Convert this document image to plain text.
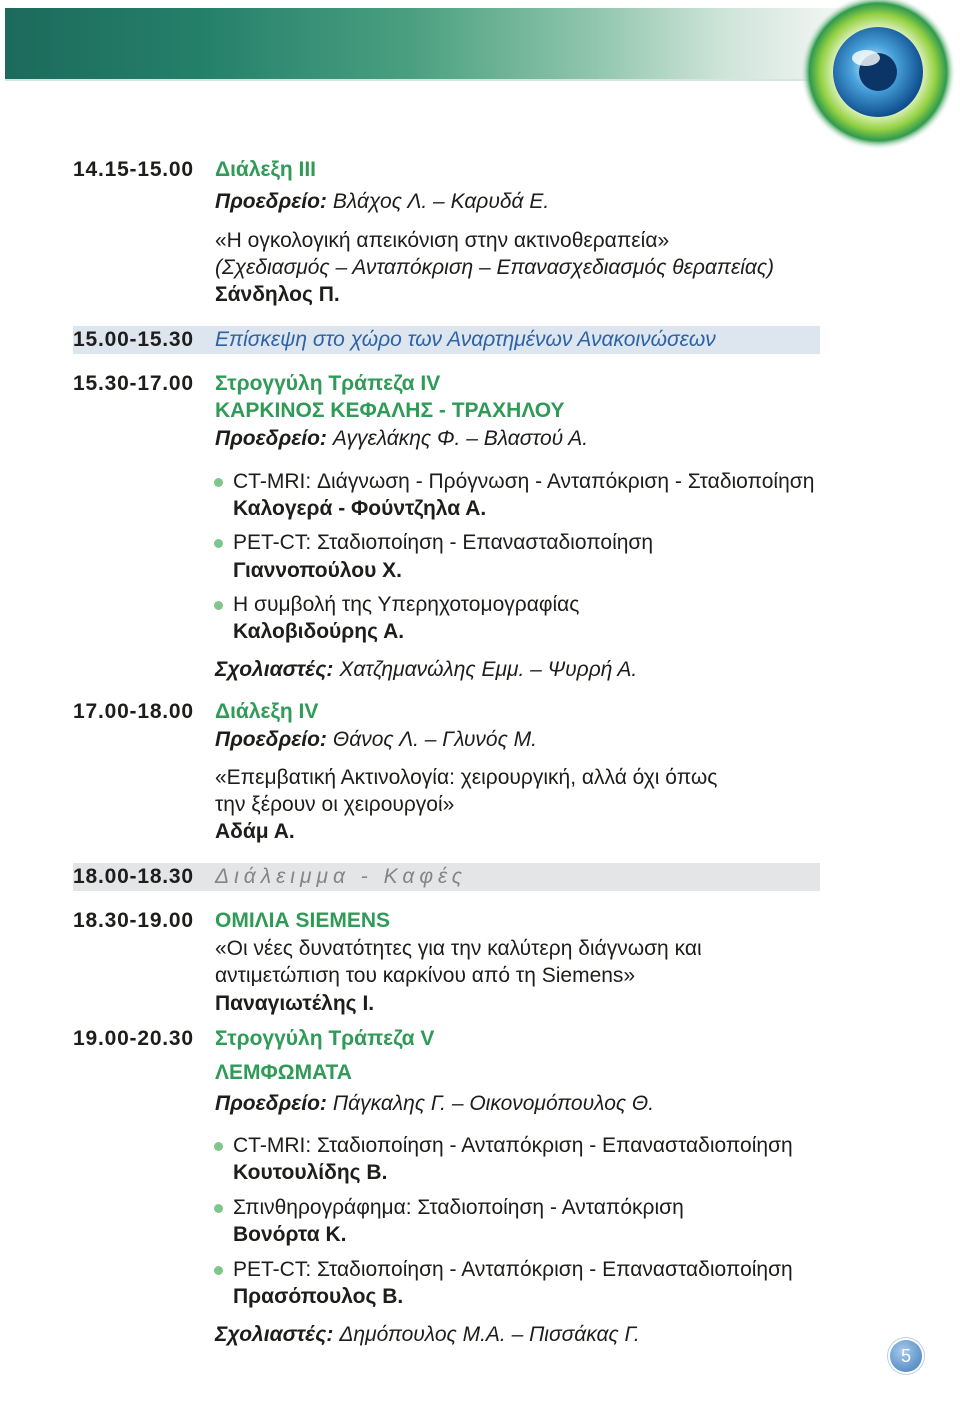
14.15-15.00 Διάλεξη III
Προεδρείο: Βλάχος Λ. – Καρυδά Ε.
«Η ογκολογική απεικόνιση στην ακτινοθεραπεία»
(Σχεδιασμός – Ανταπόκριση – Επανασχεδιασμός θεραπείας)
Σάνδηλος Π.
15.00-15.30 Επίσκεψη στο χώρο των Αναρτημένων Ανακοινώσεων
15.30-17.00 Στρογγύλη Τράπεζα IV
ΚΑΡΚΙΝΟΣ ΚΕΦΑΛΗΣ - ΤΡΑΧΗΛΟΥ
Προεδρείο: Αγγελάκης Φ. – Βλαστού Α.
CT-MRI: Διάγνωση - Πρόγνωση - Ανταπόκριση - Σταδιοποίηση
Καλογερά - Φούντζηλα Α.
PET-CT: Σταδιοποίηση - Επανασταδιοποίηση
Γιαννοπούλου Χ.
Η συμβολή της Υπερηχοτομογραφίας
Καλοβιδούρης Α.
Σχολιαστές: Χατζημανώλης Εμμ. – Ψυρρή Α.
17.00-18.00 Διάλεξη IV
Προεδρείο: Θάνος Λ. – Γλυνός Μ.
«Επεμβατική Ακτινολογία: χειρουργική, αλλά όχι όπως
την ξέρουν οι χειρουργοί»
Αδάμ Α.
18.00-18.30 Διάλειμμα - Καφές
18.30-19.00 ΟΜΙΛΙΑ SIEMENS
«Οι νέες δυνατότητες για την καλύτερη διάγνωση και
αντιμετώπιση του καρκίνου από τη Siemens»
Παναγιωτέλης Ι.
19.00-20.30 Στρογγύλη Τράπεζα V
ΛΕΜΦΩΜΑΤΑ
Προεδρείο: Πάγκαλης Γ. – Οικονομόπουλος Θ.
CT-MRI: Σταδιοποίηση - Ανταπόκριση - Επανασταδιοποίηση
Κουτουλίδης Β.
Σπινθηρογράφημα: Σταδιοποίηση - Ανταπόκριση
Βονόρτα Κ.
PET-CT: Σταδιοποίηση - Ανταπόκριση - Επανασταδιοποίηση
Πρασόπουλος Β.
Σχολιαστές: Δημόπουλος Μ.Α. – Πισσάκας Γ.
5
